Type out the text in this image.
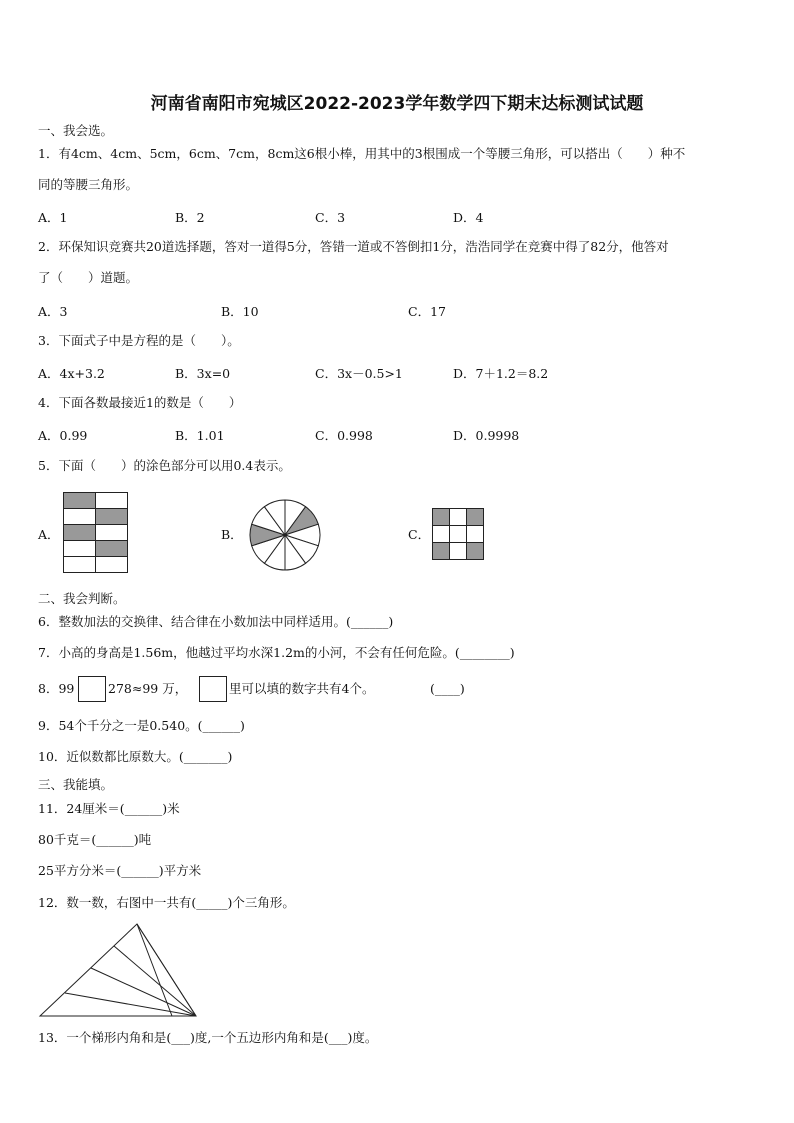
河南省南阳市宛城区2022-2023学年数学四下期末达标测试试题
一、我会选。
1．有4cm、4cm、5cm，6cm、7cm，8cm这6根小棒，用其中的3根围成一个等腰三角形，可以搭出（　　）种不
同的等腰三角形。
A．1	B．2	C．3	D．4
2．环保知识竞赛共20道选择题，答对一道得5分，答错一道或不答倒扣1分，浩浩同学在竞赛中得了82分，他答对
了（　　）道题。
A．3	B．10	C．17
3．下面式子中是方程的是（　　）。
A．4x+3.2	B．3x=0	C．3x－0.5>1	D．7＋1.2＝8.2
4．下面各数最接近1的数是（　　）
A．0.99	B．1.01	C．0.998	D．0.9998
5．下面（　　）的涂色部分可以用0.4表示。
A．	B．	C．
二、我会判断。
6．整数加法的交换律、结合律在小数加法中同样适用。(______)
7．小高的身高是1.56m，他越过平均水深1.2m的小河，不会有任何危险。(________)
8．99	278≈99 万，	里可以填的数字共有4个。	(____)
9．54个千分之一是0.540。(______)
10．近似数都比原数大。(_______)
三、我能填。
11．24厘米＝(______)米
80千克＝(______)吨
25平方分米＝(______)平方米
12．数一数，右图中一共有(_____)个三角形。
13．一个梯形内角和是(___)度,一个五边形内角和是(___)度。
